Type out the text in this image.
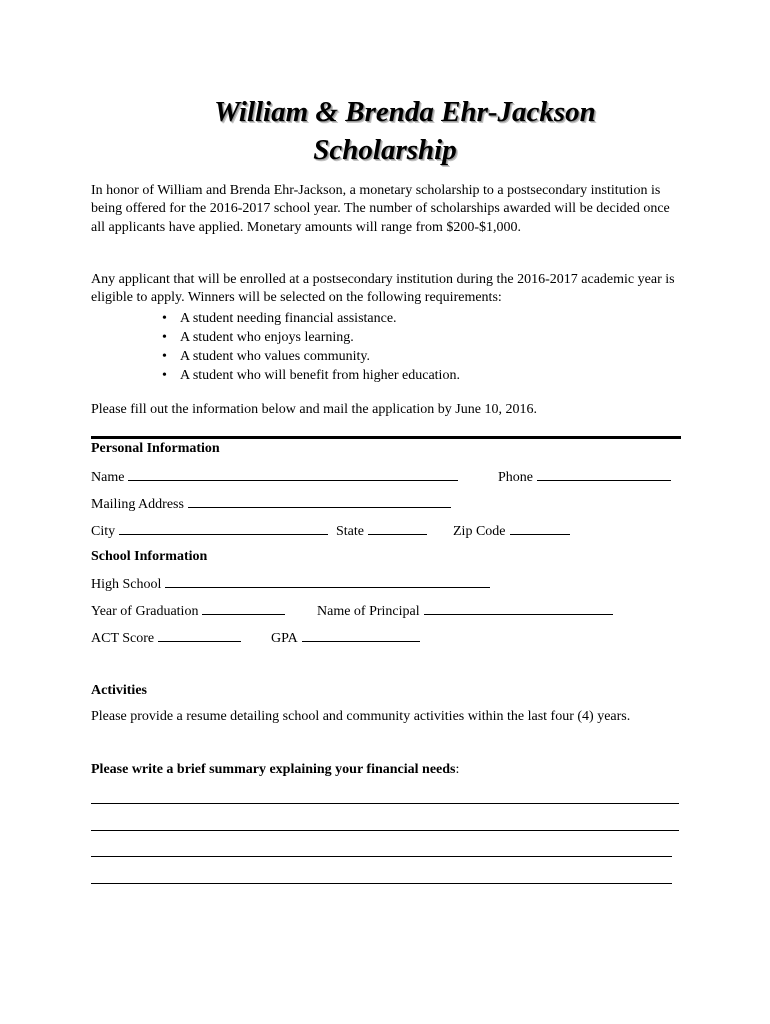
William & Brenda Ehr-Jackson
Scholarship

In honor of William and Brenda Ehr-Jackson, a monetary scholarship to a postsecondary institution is being offered for the 2016-2017 school year. The number of scholarships awarded will be decided once all applicants have applied. Monetary amounts will range from $200-$1,000.

Any applicant that will be enrolled at a postsecondary institution during the 2016-2017 academic year is eligible to apply. Winners will be selected on the following requirements:

• A student needing financial assistance.
• A student who enjoys learning.
• A student who values community.
• A student who will benefit from higher education.

Please fill out the information below and mail the application by June 10, 2016.

Personal Information

Name	Phone
Mailing Address
City	State	Zip Code

School Information

High School
Year of Graduation	Name of Principal
ACT Score	GPA

Activities

Please provide a resume detailing school and community activities within the last four (4) years.

Please write a brief summary explaining your financial needs:
